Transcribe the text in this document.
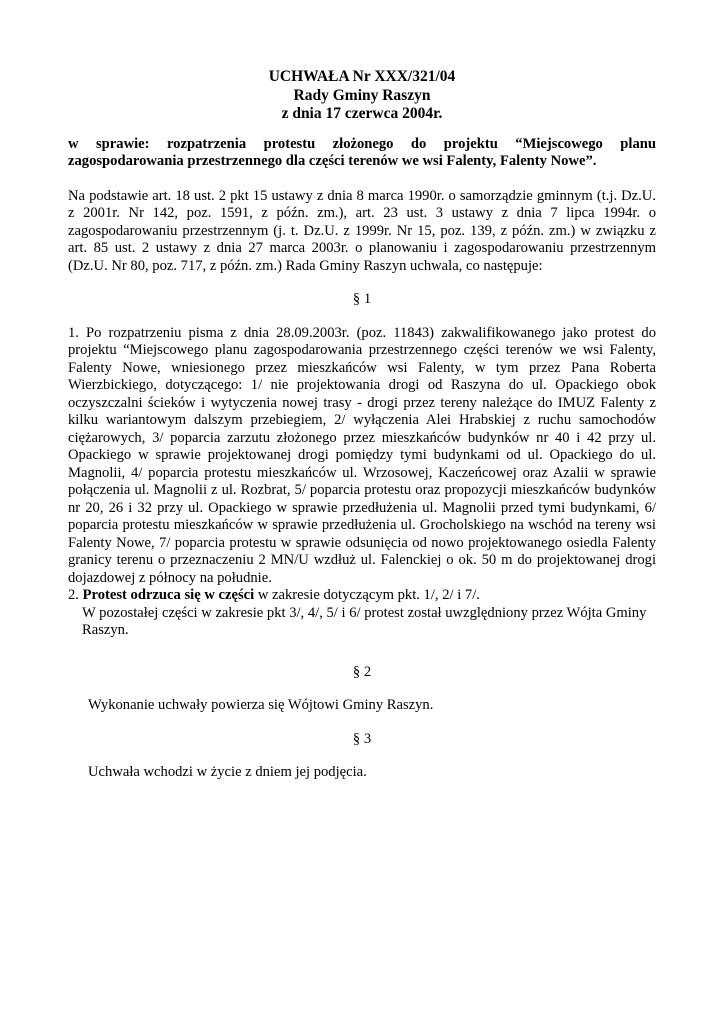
UCHWAŁA Nr XXX/321/04
Rady Gminy Raszyn
z dnia 17 czerwca 2004r.

w sprawie: rozpatrzenia protestu złożonego do projektu “Miejscowego planu zagospodarowania przestrzennego dla części terenów we wsi Falenty, Falenty Nowe”.

Na podstawie art. 18 ust. 2 pkt 15 ustawy z dnia 8 marca 1990r. o samorządzie gminnym (t.j. Dz.U. z 2001r. Nr 142, poz. 1591, z późn. zm.), art. 23 ust. 3 ustawy z dnia 7 lipca 1994r. o zagospodarowaniu przestrzennym (j. t. Dz.U. z 1999r. Nr 15, poz. 139, z późn. zm.) w związku z art. 85 ust. 2 ustawy z dnia 27 marca 2003r. o planowaniu i zagospodarowaniu przestrzennym (Dz.U. Nr 80, poz. 717, z późn. zm.) Rada Gminy Raszyn uchwala, co następuje:

§ 1

1. Po rozpatrzeniu pisma z dnia 28.09.2003r. (poz. 11843) zakwalifikowanego jako protest do projektu “Miejscowego planu zagospodarowania przestrzennego części terenów we wsi Falenty, Falenty Nowe, wniesionego przez mieszkańców wsi Falenty, w tym przez Pana Roberta Wierzbickiego, dotyczącego: 1/ nie projektowania drogi od Raszyna do ul. Opackiego obok oczyszczalni ścieków i wytyczenia nowej trasy - drogi przez tereny należące do IMUZ Falenty z kilku wariantowym dalszym przebiegiem, 2/ wyłączenia Alei Hrabskiej z ruchu samochodów ciężarowych, 3/ poparcia zarzutu złożonego przez mieszkańców budynków nr 40 i 42 przy ul. Opackiego w sprawie projektowanej drogi pomiędzy tymi budynkami od ul. Opackiego do ul. Magnolii, 4/ poparcia protestu mieszkańców ul. Wrzosowej, Kaczeńcowej oraz Azalii w sprawie połączenia ul. Magnolii z ul. Rozbrat, 5/ poparcia protestu oraz propozycji mieszkańców budynków nr 20, 26 i 32 przy ul. Opackiego w sprawie przedłużenia ul. Magnolii przed tymi budynkami, 6/ poparcia protestu mieszkańców w sprawie przedłużenia ul. Grocholskiego na wschód na tereny wsi Falenty Nowe, 7/ poparcia protestu w sprawie odsunięcia od nowo projektowanego osiedla Falenty granicy terenu o przeznaczeniu 2 MN/U wzdłuż ul. Falenckiej o ok. 50 m do projektowanej drogi dojazdowej z północy na południe.

2. Protest odrzuca się w części w zakresie dotyczącym pkt. 1/, 2/ i 7/.

W pozostałej części w zakresie pkt 3/, 4/, 5/ i 6/ protest został uwzględniony przez Wójta Gminy Raszyn.

§ 2

Wykonanie uchwały powierza się Wójtowi Gminy Raszyn.

§ 3

Uchwała wchodzi w życie z dniem jej podjęcia.
